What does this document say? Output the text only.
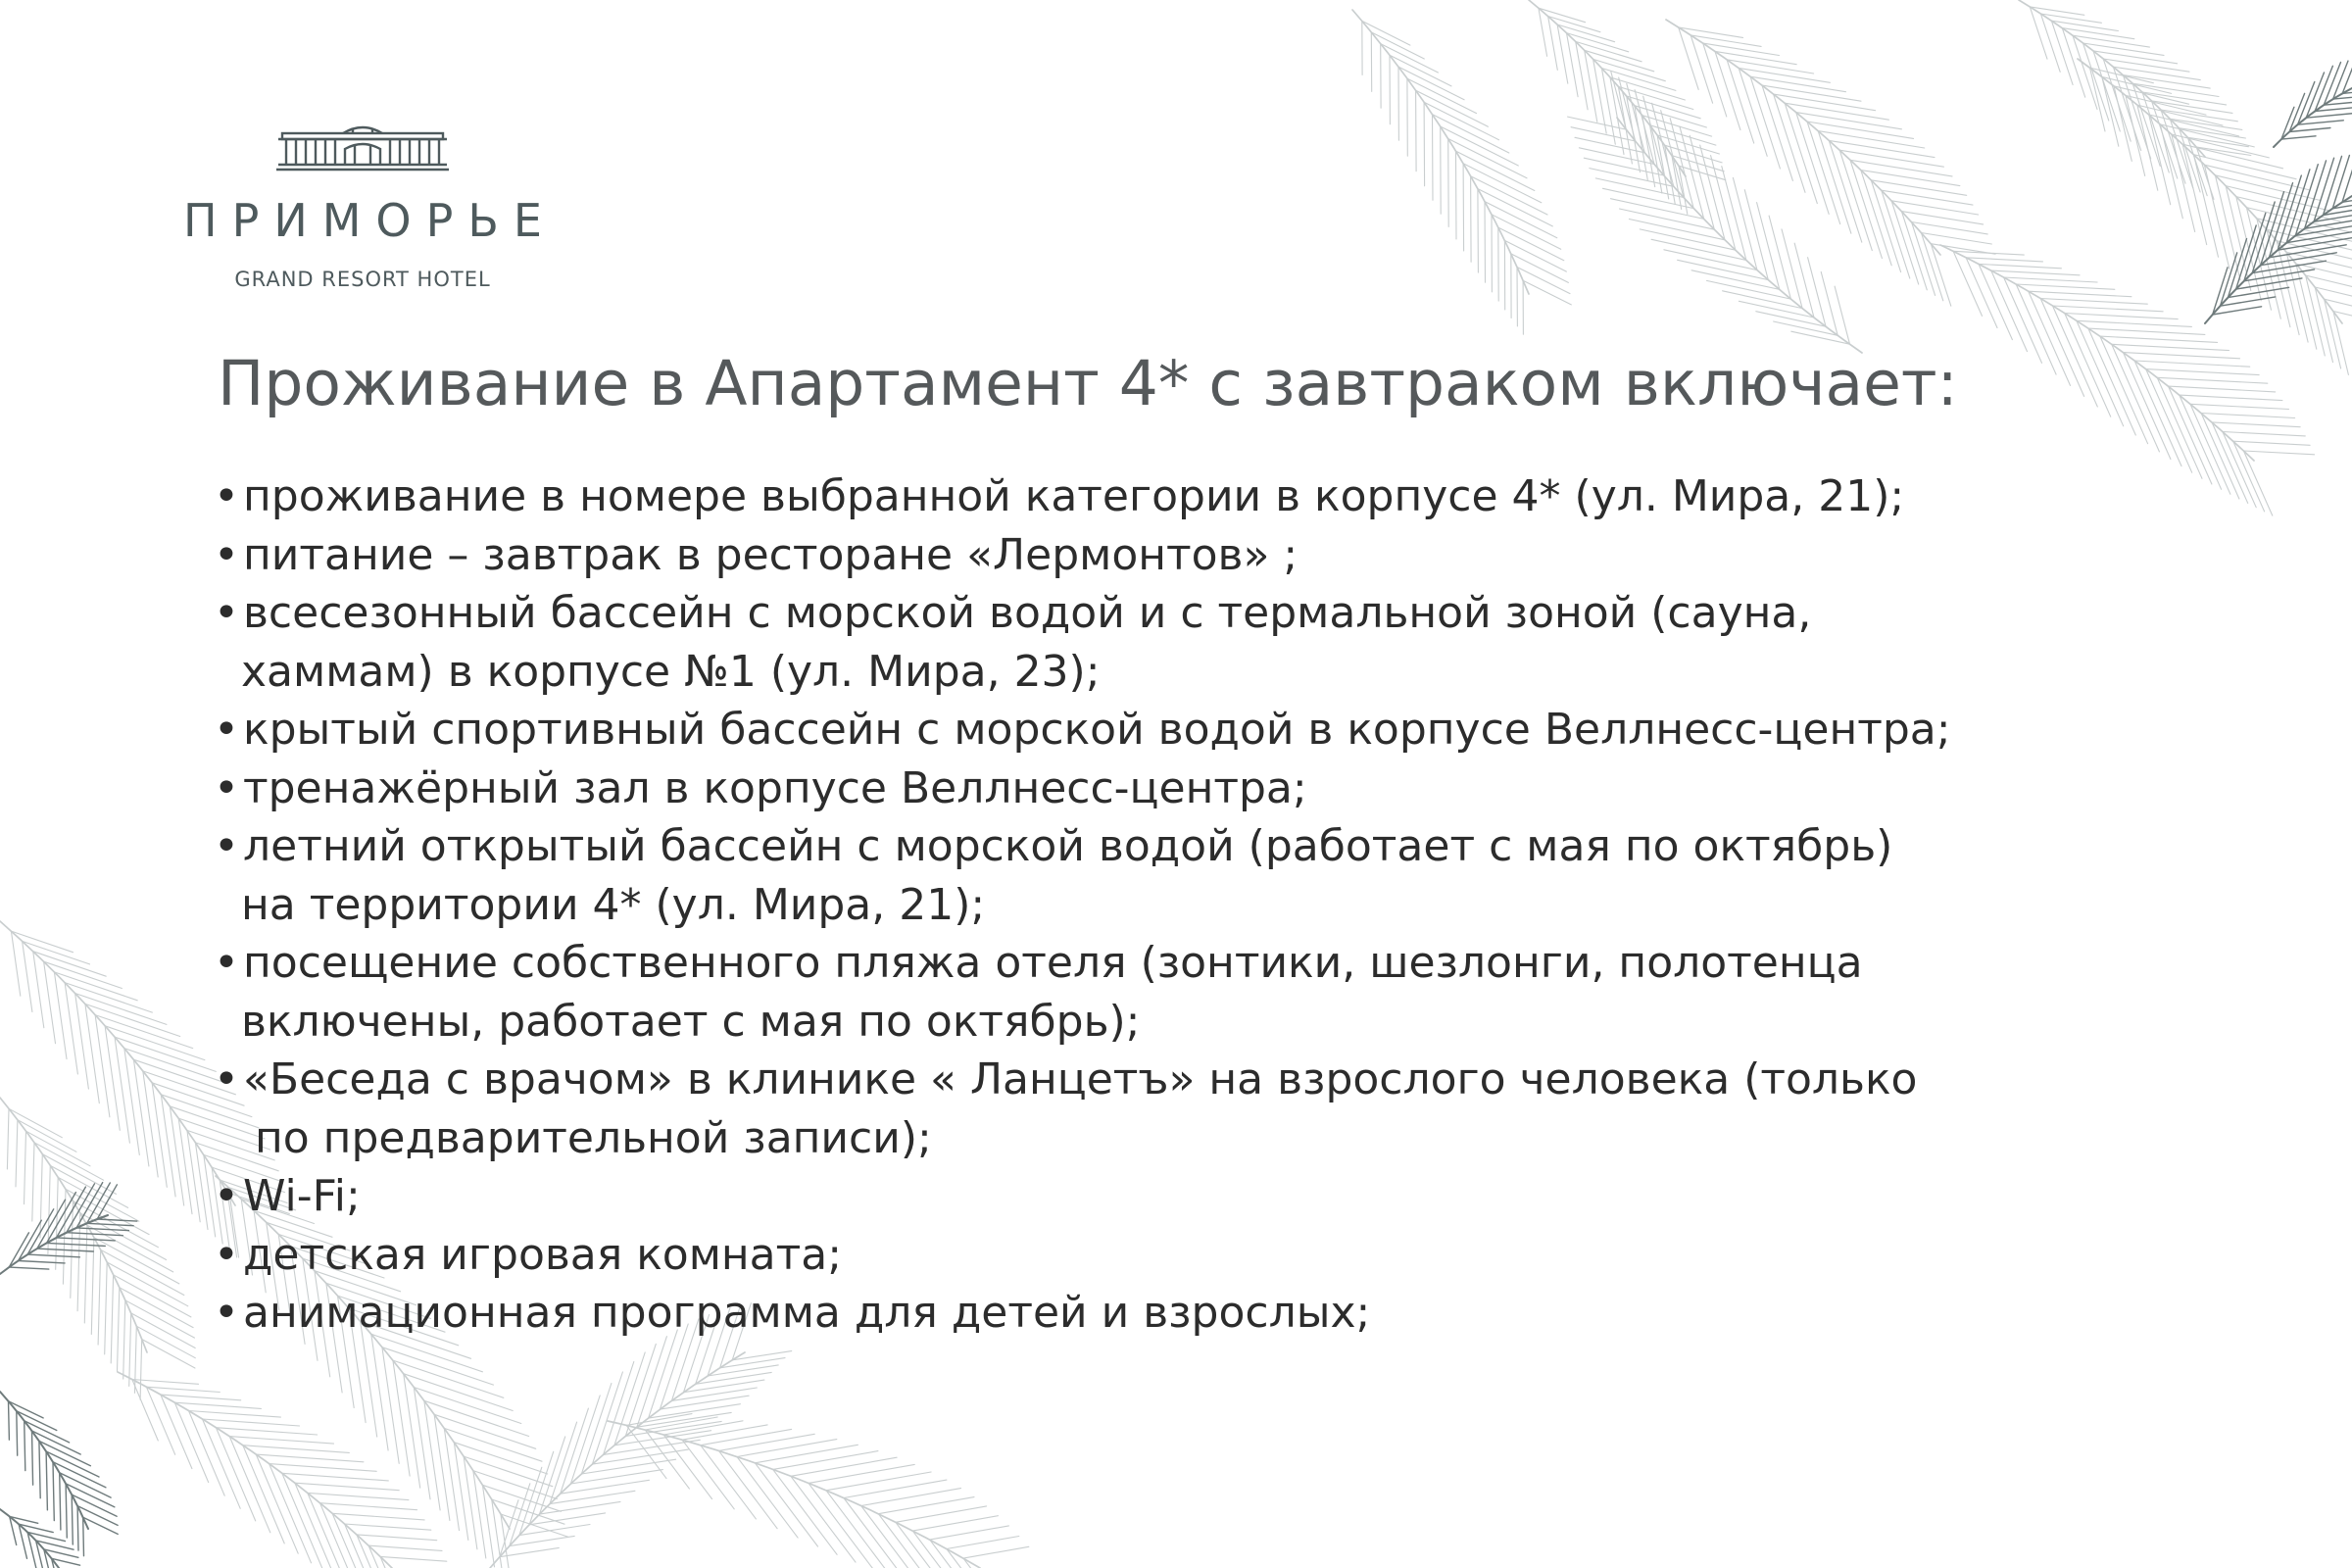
ПРИМОРЬЕ
GRAND RESORT HOTEL
Проживание в Апартамент 4* с завтраком включает:
•проживание в номере выбранной категории в корпусе 4* (ул. Мира, 21);
•питание – завтрак в ресторане «Лермонтов» ;
•всесезонный бассейн с морской водой и с термальной зоной (сауна,
хаммам) в корпусе №1 (ул. Мира, 23);
•крытый спортивный бассейн с морской водой в корпусе Веллнесс-центра;
•тренажёрный зал в корпусе Веллнесс-центра;
•летний открытый бассейн с морской водой (работает с мая по октябрь)
на территории 4* (ул. Мира, 21);
•посещение собственного пляжа отеля (зонтики, шезлонги, полотенца
включены, работает с мая по октябрь);
•«Беседа с врачом» в клинике « Ланцетъ» на взрослого человека (только
по предварительной записи);
•Wi-Fi;
•детская игровая комната;
•анимационная программа для детей и взрослых;
